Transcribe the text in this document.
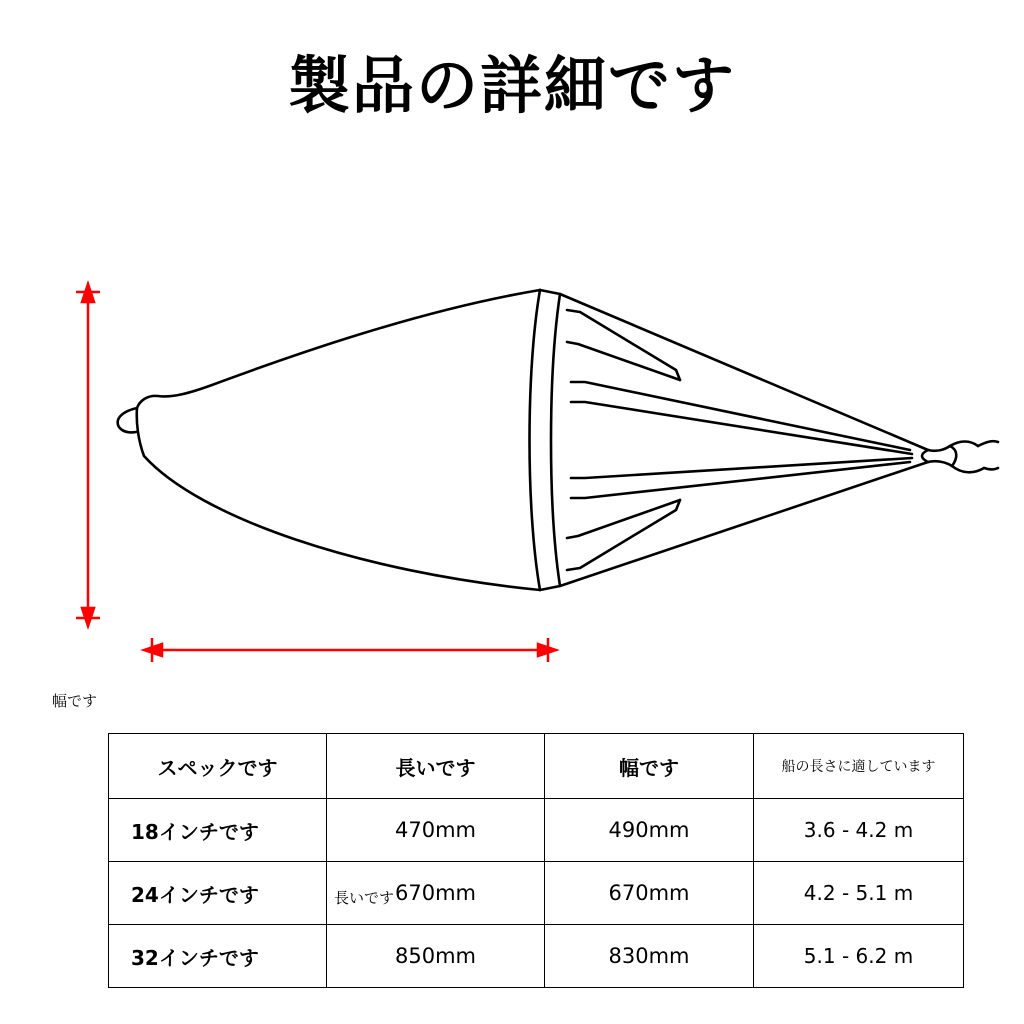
製品の詳細です
幅です
長いです
スペックです	長いです	幅です	船の長さに適しています
18インチです	470mm	490mm	3.6 - 4.2 m
24インチです	670mm	670mm	4.2 - 5.1 m
32インチです	850mm	830mm	5.1 - 6.2 m
